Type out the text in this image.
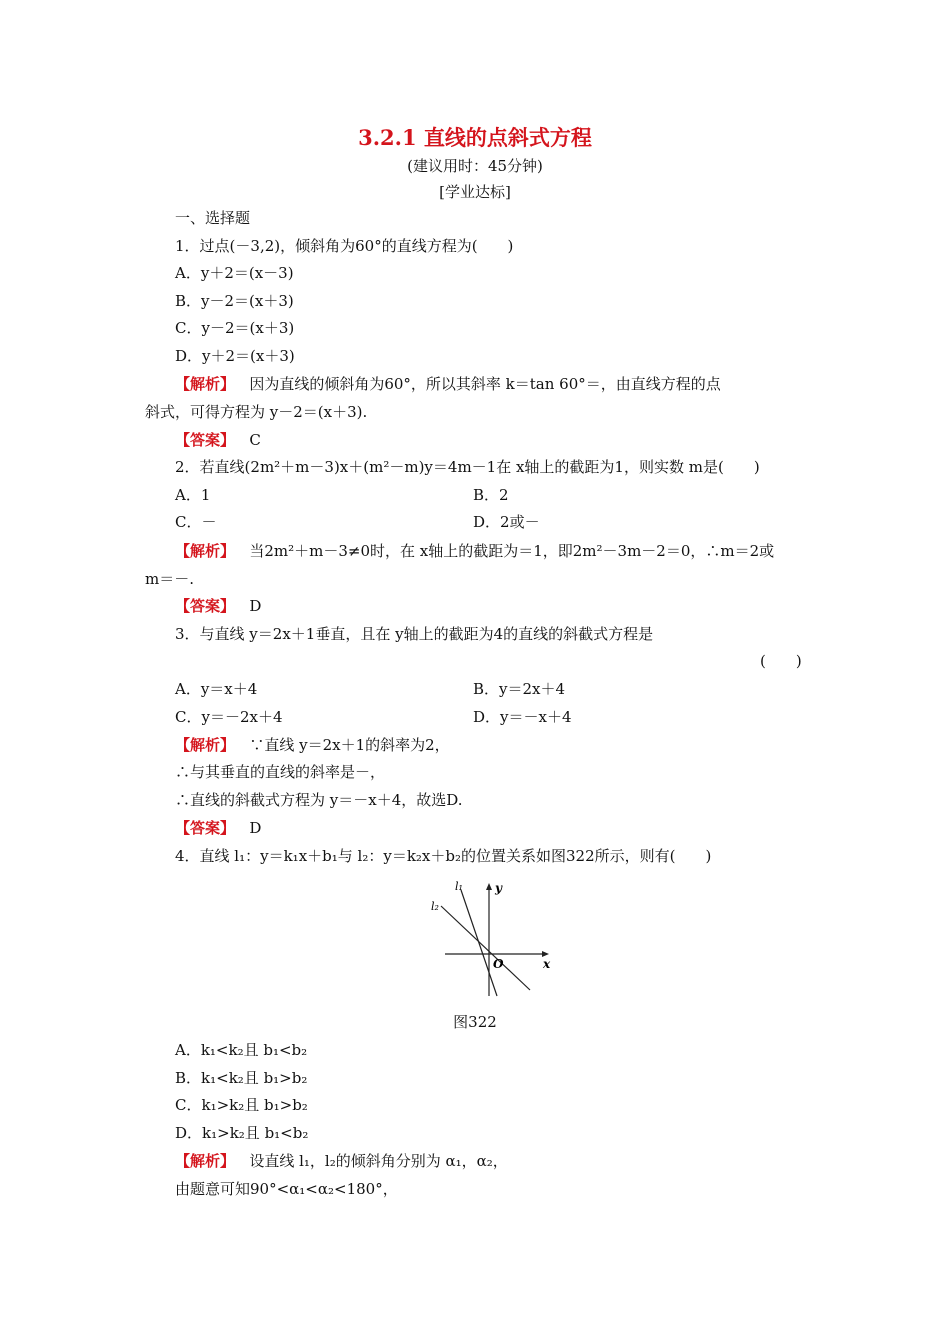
3.2.1 直线的点斜式方程
(建议用时：45分钟)
[学业达标]
一、选择题
1．过点(－3,2)，倾斜角为60°的直线方程为(　　)
A．y＋2＝(x－3)
B．y－2＝(x＋3)
C．y－2＝(x＋3)
D．y＋2＝(x＋3)
【解析】 因为直线的倾斜角为60°，所以其斜率 k＝tan 60°＝，由直线方程的点
斜式，可得方程为 y－2＝(x＋3).
【答案】 C
2．若直线(2m²＋m－3)x＋(m²－m)y＝4m－1在 x轴上的截距为1，则实数 m是(　　)
A．1	B．2
C．－	D．2或－
【解析】 当2m²＋m－3≠0时，在 x轴上的截距为＝1，即2m²－3m－2＝0，∴m＝2或
m＝－.
【答案】 D
3．与直线 y＝2x＋1垂直，且在 y轴上的截距为4的直线的斜截式方程是
(　　)
A．y＝x＋4	B．y＝2x＋4
C．y＝－2x＋4	D．y＝－x＋4
【解析】 ∵直线 y＝2x＋1的斜率为2，
∴与其垂直的直线的斜率是－，
∴直线的斜截式方程为 y＝－x＋4，故选D.
【答案】 D
4．直线 l₁：y＝k₁x＋b₁与 l₂：y＝k₂x＋b₂的位置关系如图322所示，则有(　　)
l₁
l₂
y
x
O
图322
A．k₁<k₂且 b₁<b₂
B．k₁<k₂且 b₁>b₂
C．k₁>k₂且 b₁>b₂
D．k₁>k₂且 b₁<b₂
【解析】 设直线 l₁，l₂的倾斜角分别为 α₁，α₂，
由题意可知90°<α₁<α₂<180°，
